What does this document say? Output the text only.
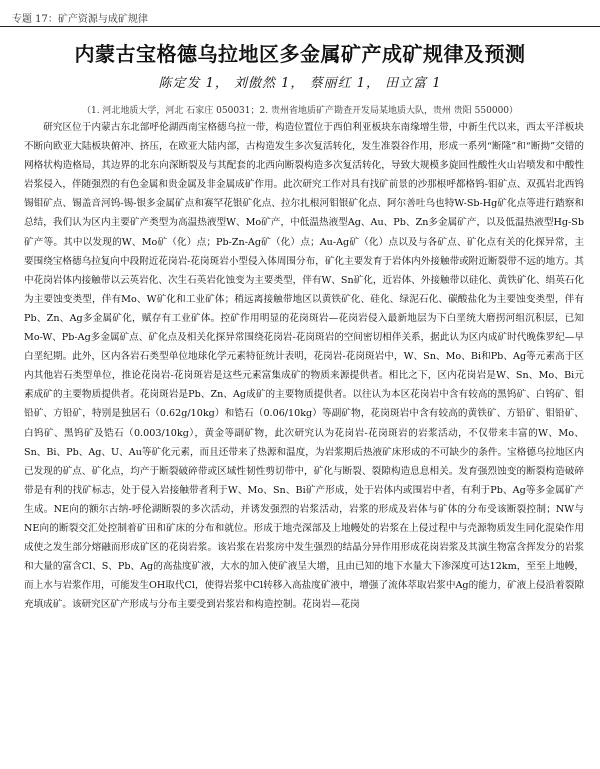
专题 17：矿产资源与成矿规律
内蒙古宝格德乌拉地区多金属矿产成矿规律及预测
陈定发 1， 刘傲然 1， 蔡丽红 1， 田立富 1
（1. 河北地质大学，河北 石家庄 050031；2. 贵州省地质矿产勘查开发局某地质大队，贵州 贵阳 550000）
研究区位于内蒙古东北部呼伦湖西南宝格德乌拉一带，构造位置位于西伯利亚板块东南缘增生带，中新生代以来，西太平洋板块不断向欧亚大陆板块俯冲、挤压，在欧亚大陆内部，古构造发生多次复活转化，发生准裂谷作用，形成一系列“断隆”和“断拗”交错的网格状构造格局，其边界的北东向深断裂及与其配套的北西向断裂构造多次复活转化，导致大规模多旋回性酸性火山岩喷发和中酸性岩浆侵入，伴随强烈的有色金属和贵金属及非金属成矿作用。此次研究工作对具有找矿前景的沙那根呼都格钨-钼矿点、双孤岩北西钨锡钼矿点、锡盖音河钨-锡-银多金属矿点和赛罕花银矿化点、拉尔扎根河钼银矿化点、阿尔善吐乌也特W-Sb-Hg矿化点等进行踏察和总结，我们认为区内主要矿产类型为高温热液型W、Mo矿产，中低温热液型Ag、Au、Pb、Zn多金属矿产，以及低温热液型Hg-Sb矿产等。其中以发现的W、Mo矿（化）点；Pb-Zn-Ag矿（化）点；Au-Ag矿（化）点以及与各矿点、矿化点有关的化探异常，主要围绕宝格德乌拉复向中段附近花岗岩-花岗斑岩小型侵入体周围分布，矿化主要发育于岩体内外接触带或附近断裂带不远的地方。其中花岗岩体内接触带以云英岩化、次生石英岩化蚀变为主要类型，伴有W、Sn矿化，近岩体、外接触带以硅化、黄铁矿化、绢英石化为主要蚀变类型，伴有Mo、W矿化和工业矿体；稍远离接触带地区以黄铁矿化、硅化、绿泥石化、碳酸盐化为主要蚀变类型，伴有Pb、Zn、Ag多金属矿化，赋存有工业矿体。控矿作用明显的花岗斑岩—花岗岩侵入最新地层为下白垩统大磨拐河组沉积层，已知Mo-W、Pb-Ag多金属矿点、矿化点及相关化探异常围绕花岗岩-花岗斑岩的空间密切相伴关系，据此认为区内成矿时代晚侏罗纪—早白垩纪期。此外，区内各岩石类型单位地球化学元素特征统计表明，花岗岩-花岗斑岩中，W、Sn、Mo、Bi和Pb、Ag等元素高于区内其他岩石类型单位，推论花岗岩-花岗斑岩是这些元素富集成矿的物质来源提供者。相比之下，区内花岗岩是W、Sn、Mo、Bi元素成矿的主要物质提供者。花岗斑岩是Pb、Zn、Ag成矿的主要物质提供者。以往认为本区花岗岩中含有较高的黑钨矿、白钨矿、钼铅矿、方铅矿，特别是独居石（0.62g/10kg）和锆石（0.06/10kg）等副矿物，花岗斑岩中含有较高的黄铁矿、方铅矿、钼铅矿、白钨矿、黑钨矿及锆石（0.003/10kg），黄金等副矿物，此次研究认为花岗岩-花岗斑岩的岩浆活动，不仅带来丰富的W、Mo、Sn、Bi、Pb、Ag、U、Au等矿化元素，而且还带来了热源和温度，为岩浆期后热液矿床形成的不可缺少的条件。宝格德乌拉地区内已发现的矿点、矿化点，均产于断裂破碎带或区域性韧性剪切带中，矿化与断裂、裂隙构造息息相关。发育强烈蚀变的断裂构造破碎带是有利的找矿标志，处于侵入岩接触带者利于W、Mo、Sn、Bi矿产形成，处于岩体内或围岩中者，有利于Pb、Ag等多金属矿产生成。NE向的额尔古纳-呼伦湖断裂的多次活动，并诱发强烈的岩浆活动，岩浆的形成及岩体与矿体的分布受该断裂控制；NW与NE向的断裂交汇处控制着矿田和矿床的分布和就位。形成于地壳深部及上地幔处的岩浆在上侵过程中与壳源物质发生同化混染作用成使之发生部分熔融而形成矿区的花岗岩浆。该岩浆在岩浆房中发生强烈的结晶分异作用形成花岗岩浆及其演生物富含挥发分的岩浆和大量的富含Cl、S、Pb、Ag的高盐度矿液，大水的加入使矿液呈大增，且由已知的地下水量大下渗深度可达12km，至至上地幔，而上水与岩浆作用，可能发生OH取代Cl，使得岩浆中Cl转移入高盐度矿液中，增强了流体萃取岩浆中Ag的能力，矿液上侵沿着裂隙充填成矿。该研究区矿产形成与分布主要受到岩浆岩和构造控制。花岗岩—花岗
